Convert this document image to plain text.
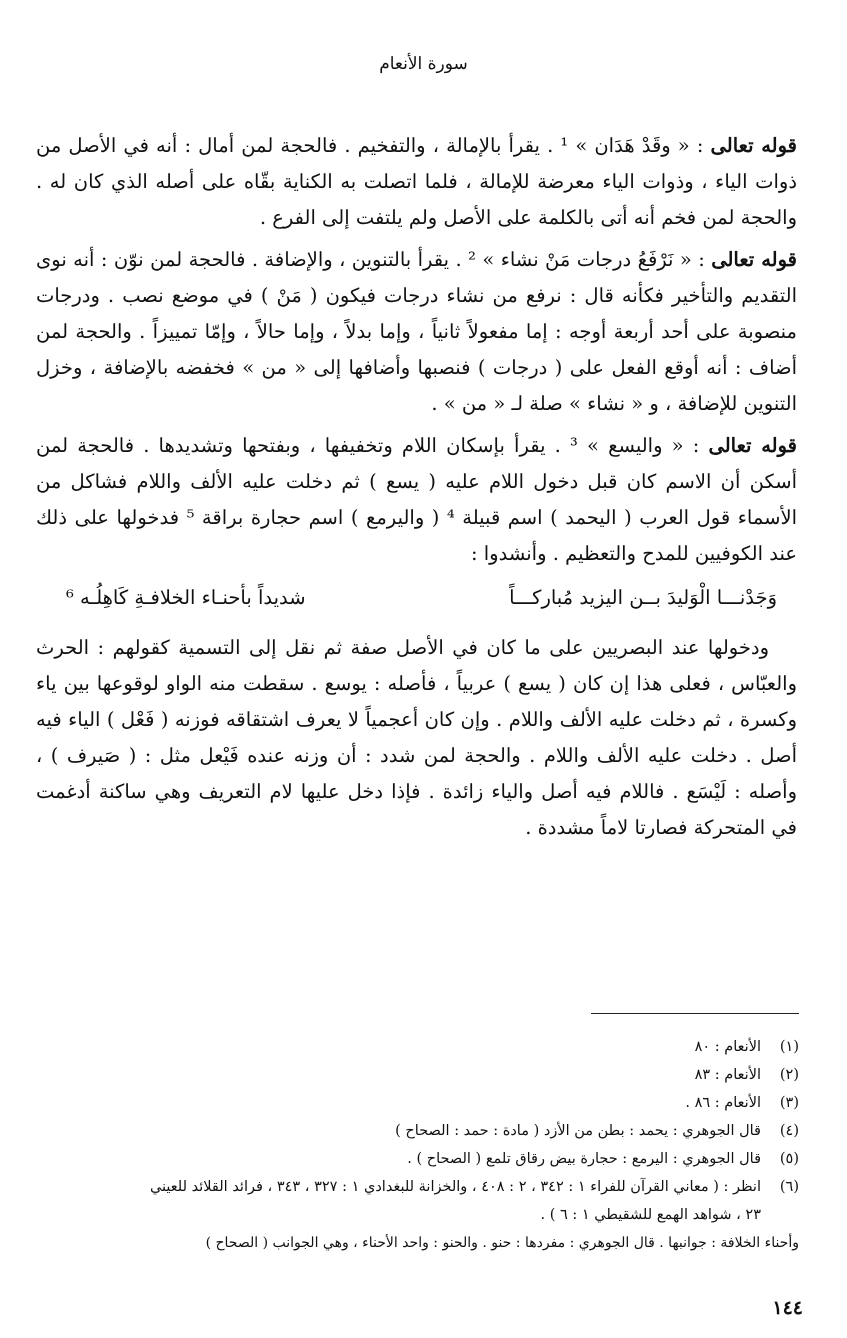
سورة الأنعام

قوله تعالى : « وقَدْ هَدَان » ¹ . يقرأ بالإمالة ، والتفخيم . فالحجة لمن أمال : أنه في الأصل من ذوات الياء ، وذوات الياء معرضة للإمالة ، فلما اتصلت به الكناية بقّاه على أصله الذي كان له . والحجة لمن فخم أنه أتى بالكلمة على الأصل ولم يلتفت إلى الفرع .

قوله تعالى : « نَرْفَعُ درجات مَنْ نشاء » ² . يقرأ بالتنوين ، والإضافة . فالحجة لمن نوّن : أنه نوى التقديم والتأخير فكأنه قال : نرفع من نشاء درجات فيكون ( مَنْ ) في موضع نصب . ودرجات منصوبة على أحد أربعة أوجه : إما مفعولاً ثانياً ، وإما بدلاً ، وإما حالاً ، وإمّا تمييزاً . والحجة لمن أضاف : أنه أوقع الفعل على ( درجات ) فنصبها وأضافها إلى « من » فخفضه بالإضافة ، وخزل التنوين للإضافة ، و « نشاء » صلة لـ « من » .

قوله تعالى : « واليسع » ³ . يقرأ بإسكان اللام وتخفيفها ، وبفتحها وتشديدها . فالحجة لمن أسكن أن الاسم كان قبل دخول اللام عليه ( يسع ) ثم دخلت عليه الألف واللام فشاكل من الأسماء قول العرب ( اليحمد ) اسم قبيلة ⁴ ( واليرمع ) اسم حجارة براقة ⁵ فدخولها على ذلك عند الكوفيين للمدح والتعظيم . وأنشدوا :

وَجَدْنـــا الْوَليدَ بــن اليزيد مُباركـــاً
شديداً بأحنـاء الخلافـةِ كَاهِلُـه ⁶

ودخولها عند البصريين على ما كان في الأصل صفة ثم نقل إلى التسمية كقولهم : الحرث والعبّاس ، فعلى هذا إن كان ( يسع ) عربياً ، فأصله : يوسع . سقطت منه الواو لوقوعها بين ياء وكسرة ، ثم دخلت عليه الألف واللام . وإن كان أعجمياً لا يعرف اشتقاقه فوزنه ( فَعْل ) الياء فيه أصل . دخلت عليه الألف واللام . والحجة لمن شدد : أن وزنه عنده فَيْعل مثل : ( صَيرف ) ، وأصله : لَيْسَع . فاللام فيه أصل والياء زائدة . فإذا دخل عليها لام التعريف وهي ساكنة أدغمت في المتحركة فصارتا لاماً مشددة .

(١)
الأنعام : ٨٠
(٢)
الأنعام : ٨٣
(٣)
الأنعام : ٨٦ .
(٤)
قال الجوهري : يحمد : بطن من الأزد ( مادة : حمد : الصحاح )
(٥)
قال الجوهري : اليرمع : حجارة بيض رقاق تلمع ( الصحاح ) .
(٦)
انظر : ( معاني القرآن للفراء ١ : ٣٤٢ ، ٢ : ٤٠٨ ، والخزانة للبغدادي ١ : ٣٢٧ ، ٣٤٣ ، فرائد القلائد للعيني
٢٣ ، شواهد الهمع للشقيطي ١ : ٦ ) .
وأحناء الخلافة : جوانبها . قال الجوهري : مفردها : حنو . والحنو : واحد الأحناء ، وهي الجوانب ( الصحاح )
١٤٤
